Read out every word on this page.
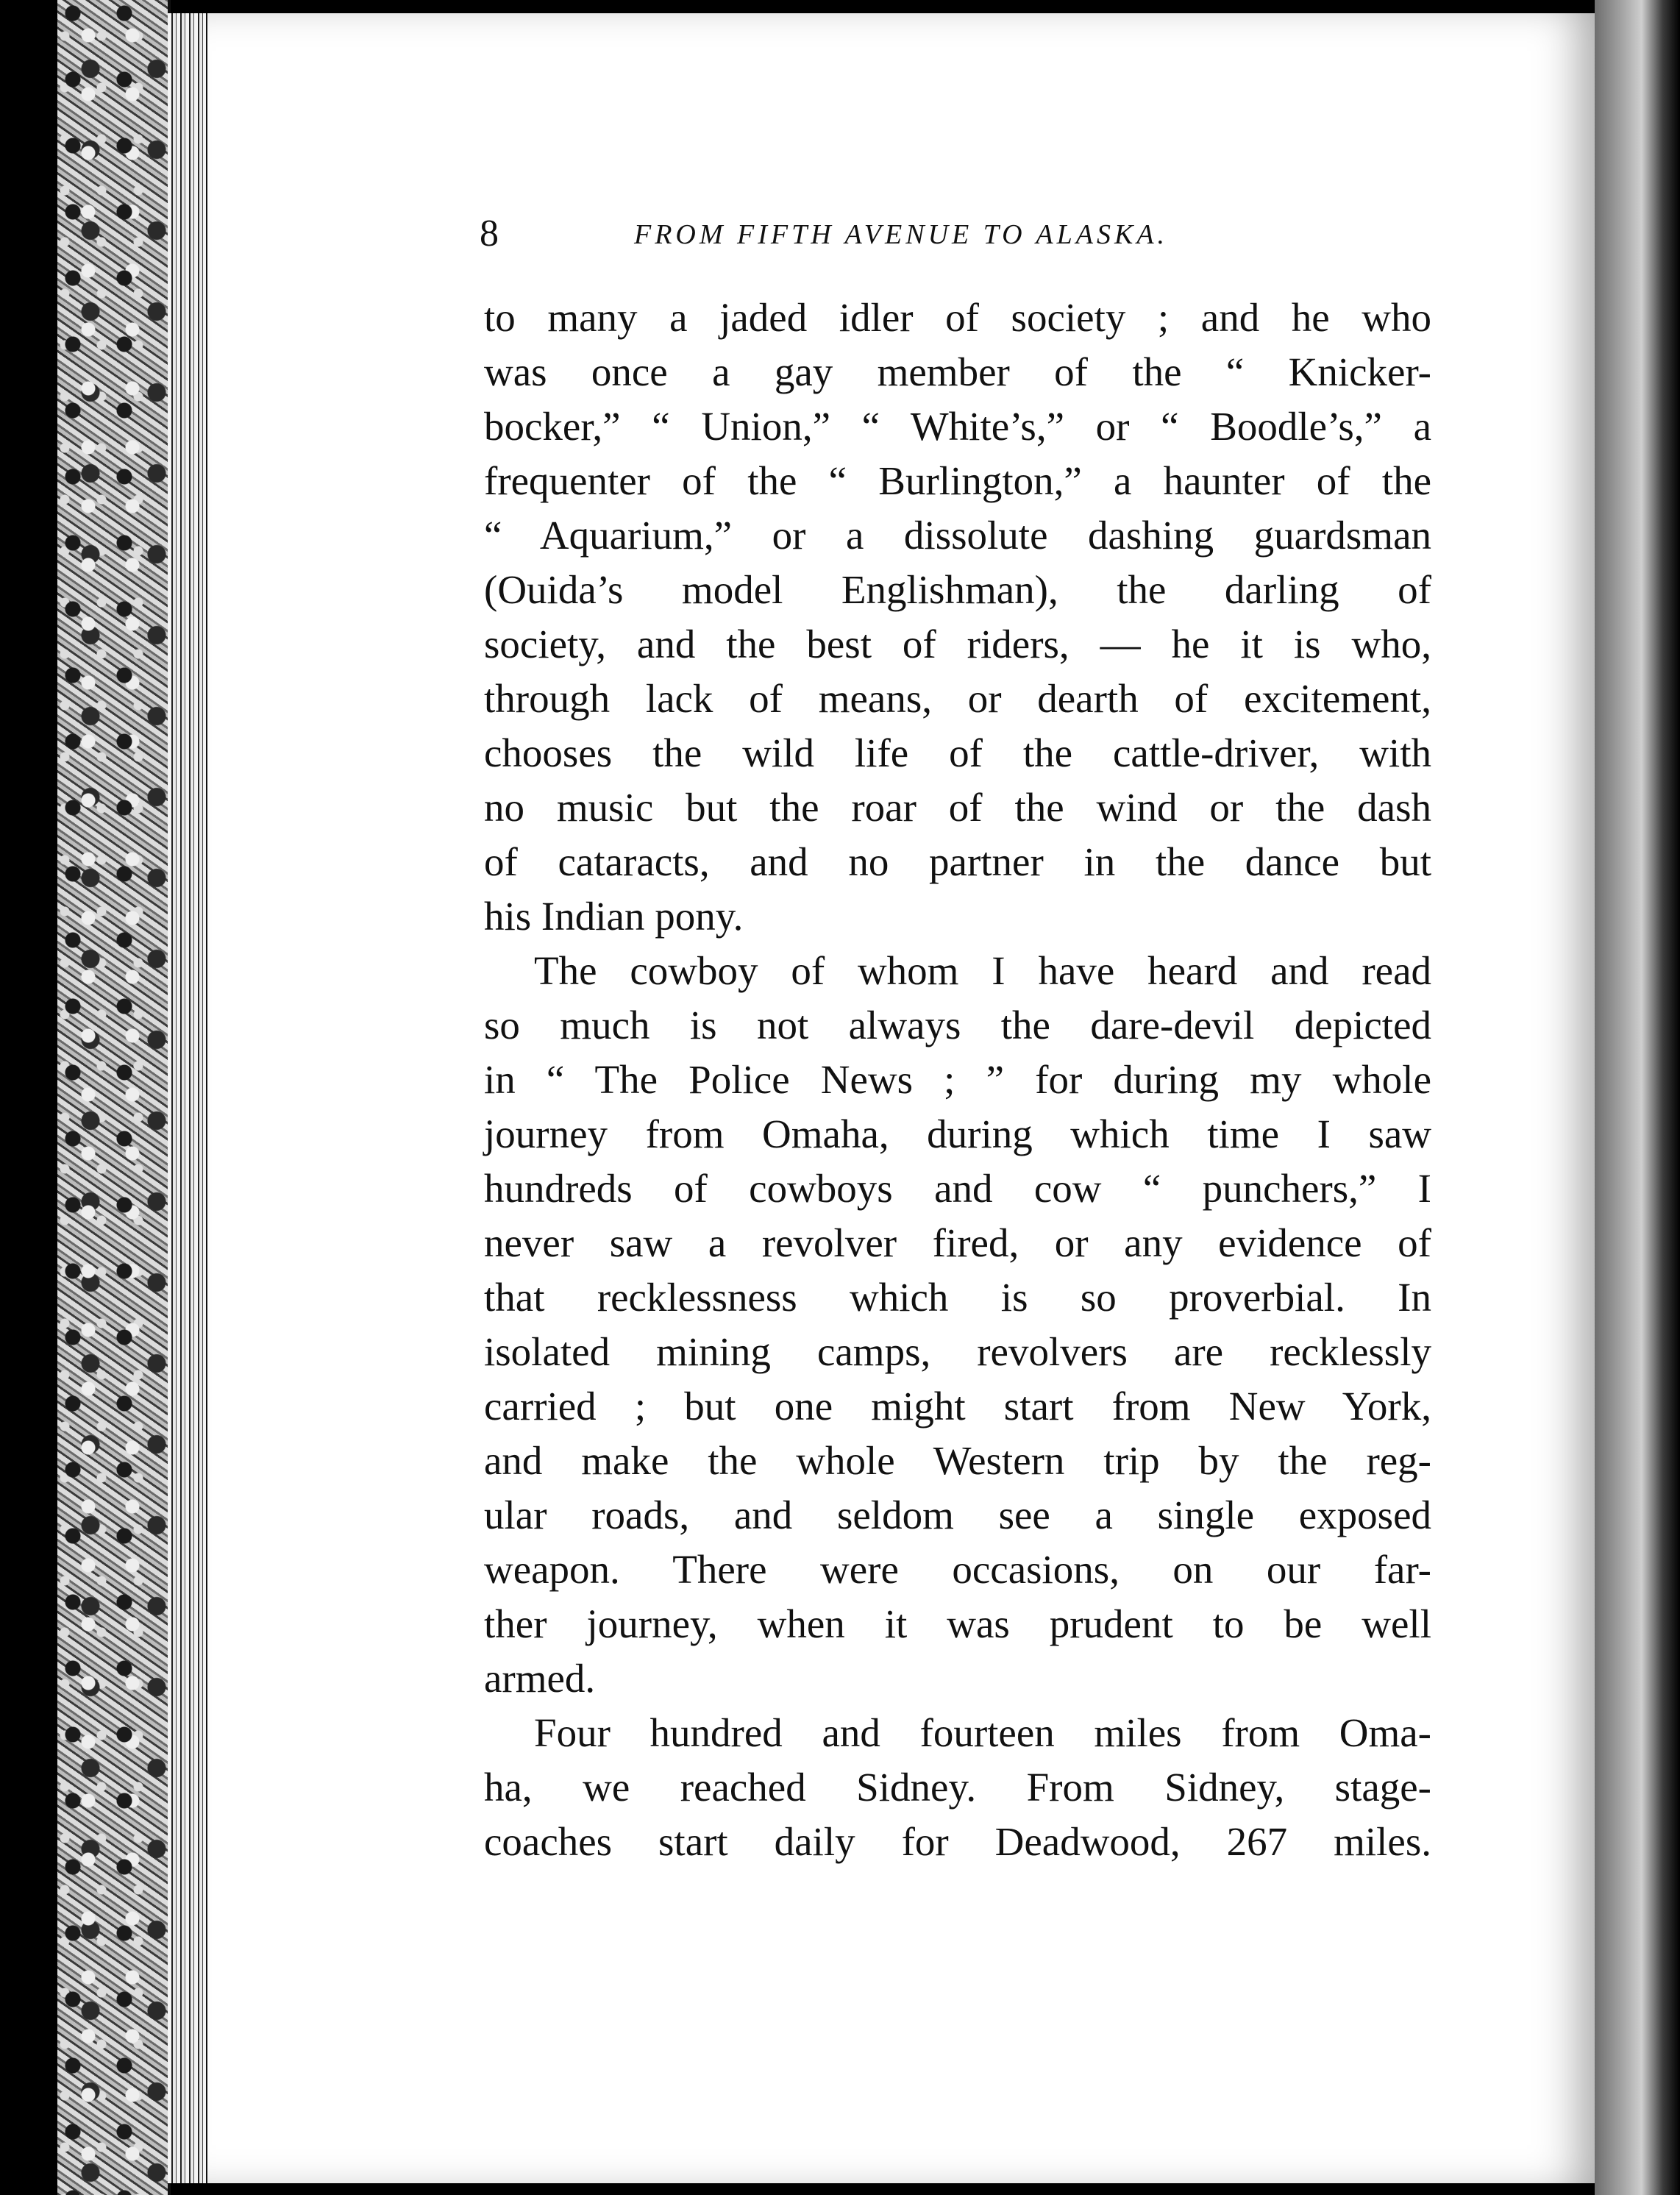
8	FROM FIFTH AVENUE TO ALASKA.
to many a jaded idler of society ; and he who
was once a gay member of the “ Knicker-
bocker,” “ Union,” “ White’s,” or “ Boodle’s,” a
frequenter of the “ Burlington,” a haunter of the
“ Aquarium,” or a dissolute dashing guardsman
(Ouida’s model Englishman), the darling of
society, and the best of riders, — he it is who,
through lack of means, or dearth of excitement,
chooses the wild life of the cattle-driver, with
no music but the roar of the wind or the dash
of cataracts, and no partner in the dance but
his Indian pony.
The cowboy of whom I have heard and read
so much is not always the dare-devil depicted
in “ The Police News ; ” for during my whole
journey from Omaha, during which time I saw
hundreds of cowboys and cow “ punchers,” I
never saw a revolver fired, or any evidence of
that recklessness which is so proverbial. In
isolated mining camps, revolvers are recklessly
carried ; but one might start from New York,
and make the whole Western trip by the reg-
ular roads, and seldom see a single exposed
weapon. There were occasions, on our far-
ther journey, when it was prudent to be well
armed.
Four hundred and fourteen miles from Oma-
ha, we reached Sidney. From Sidney, stage-
coaches start daily for Deadwood, 267 miles.
